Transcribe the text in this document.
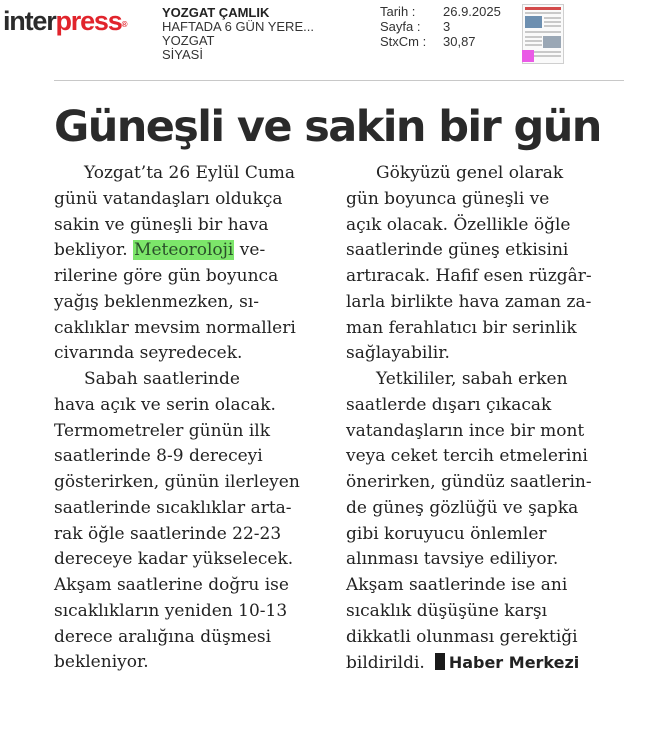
interpress®
YOZGAT ÇAMLIK
HAFTADA 6 GÜN YERE...
YOZGAT
SİYASİ
Tarih :	26.9.2025
Sayfa :	3
StxCm :	30,87
Güneşli ve sakin bir gün
Yozgat’ta 26 Eylül Cuma
günü vatandaşları oldukça
sakin ve güneşli bir hava
bekliyor. Meteoroloji ve-
rilerine göre gün boyunca
yağış beklenmezken, sı-
caklıklar mevsim normalleri
civarında seyredecek.
Sabah saatlerinde
hava açık ve serin olacak.
Termometreler günün ilk
saatlerinde 8-9 dereceyi
gösterirken, günün ilerleyen
saatlerinde sıcaklıklar arta-
rak öğle saatlerinde 22-23
dereceye kadar yükselecek.
Akşam saatlerine doğru ise
sıcaklıkların yeniden 10-13
derece aralığına düşmesi
bekleniyor.
Gökyüzü genel olarak
gün boyunca güneşli ve
açık olacak. Özellikle öğle
saatlerinde güneş etkisini
artıracak. Hafif esen rüzgâr-
larla birlikte hava zaman za-
man ferahlatıcı bir serinlik
sağlayabilir.
Yetkililer, sabah erken
saatlerde dışarı çıkacak
vatandaşların ince bir mont
veya ceket tercih etmelerini
önerirken, gündüz saatlerin-
de güneş gözlüğü ve şapka
gibi koruyucu önlemler
alınması tavsiye ediliyor.
Akşam saatlerinde ise ani
sıcaklık düşüşüne karşı
dikkatli olunması gerektiği
bildirildi. Haber Merkezi
